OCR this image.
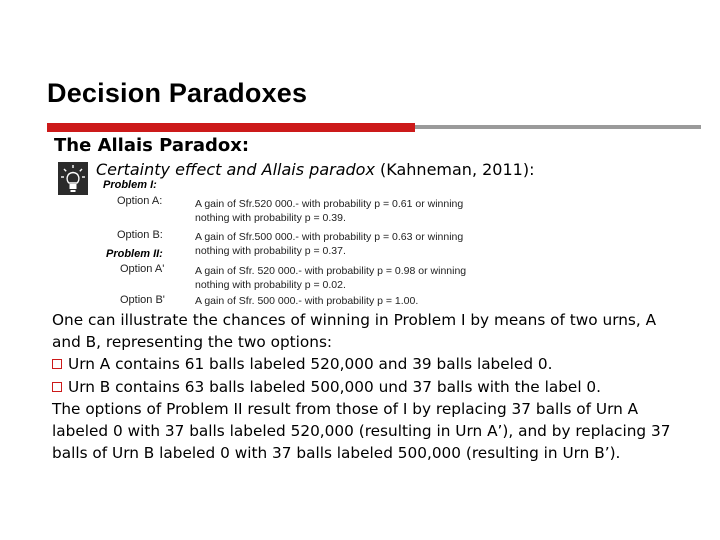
Decision Paradoxes
The Allais Paradox:
Certainty effect and Allais paradox (Kahneman, 2011):
Problem I:
Option A:	A gain of Sfr.520 000.- with probability p = 0.61 or winning
nothing with probability p = 0.39.
Option B:	A gain of Sfr.500 000.- with probability p = 0.63 or winning
nothing with probability p = 0.37.
Problem II:
Option A'	A gain of Sfr. 520 000.- with probability p = 0.98 or winning
nothing with probability p = 0.02.
Option B'	A gain of Sfr. 500 000.- with probability p = 1.00.

One can illustrate the chances of winning in Problem I by means of two urns, A and B, representing the two options:

Urn A contains 61 balls labeled 520,000 and 39 balls labeled 0.

Urn B contains 63 balls labeled 500,000 und 37 balls with the label 0.

The options of Problem II result from those of I by replacing 37 balls of Urn A labeled 0 with 37 balls labeled 520,000 (resulting in Urn A’), and by replacing 37 balls of Urn B labeled 0 with 37 balls labeled 500,000 (resulting in Urn B’).
